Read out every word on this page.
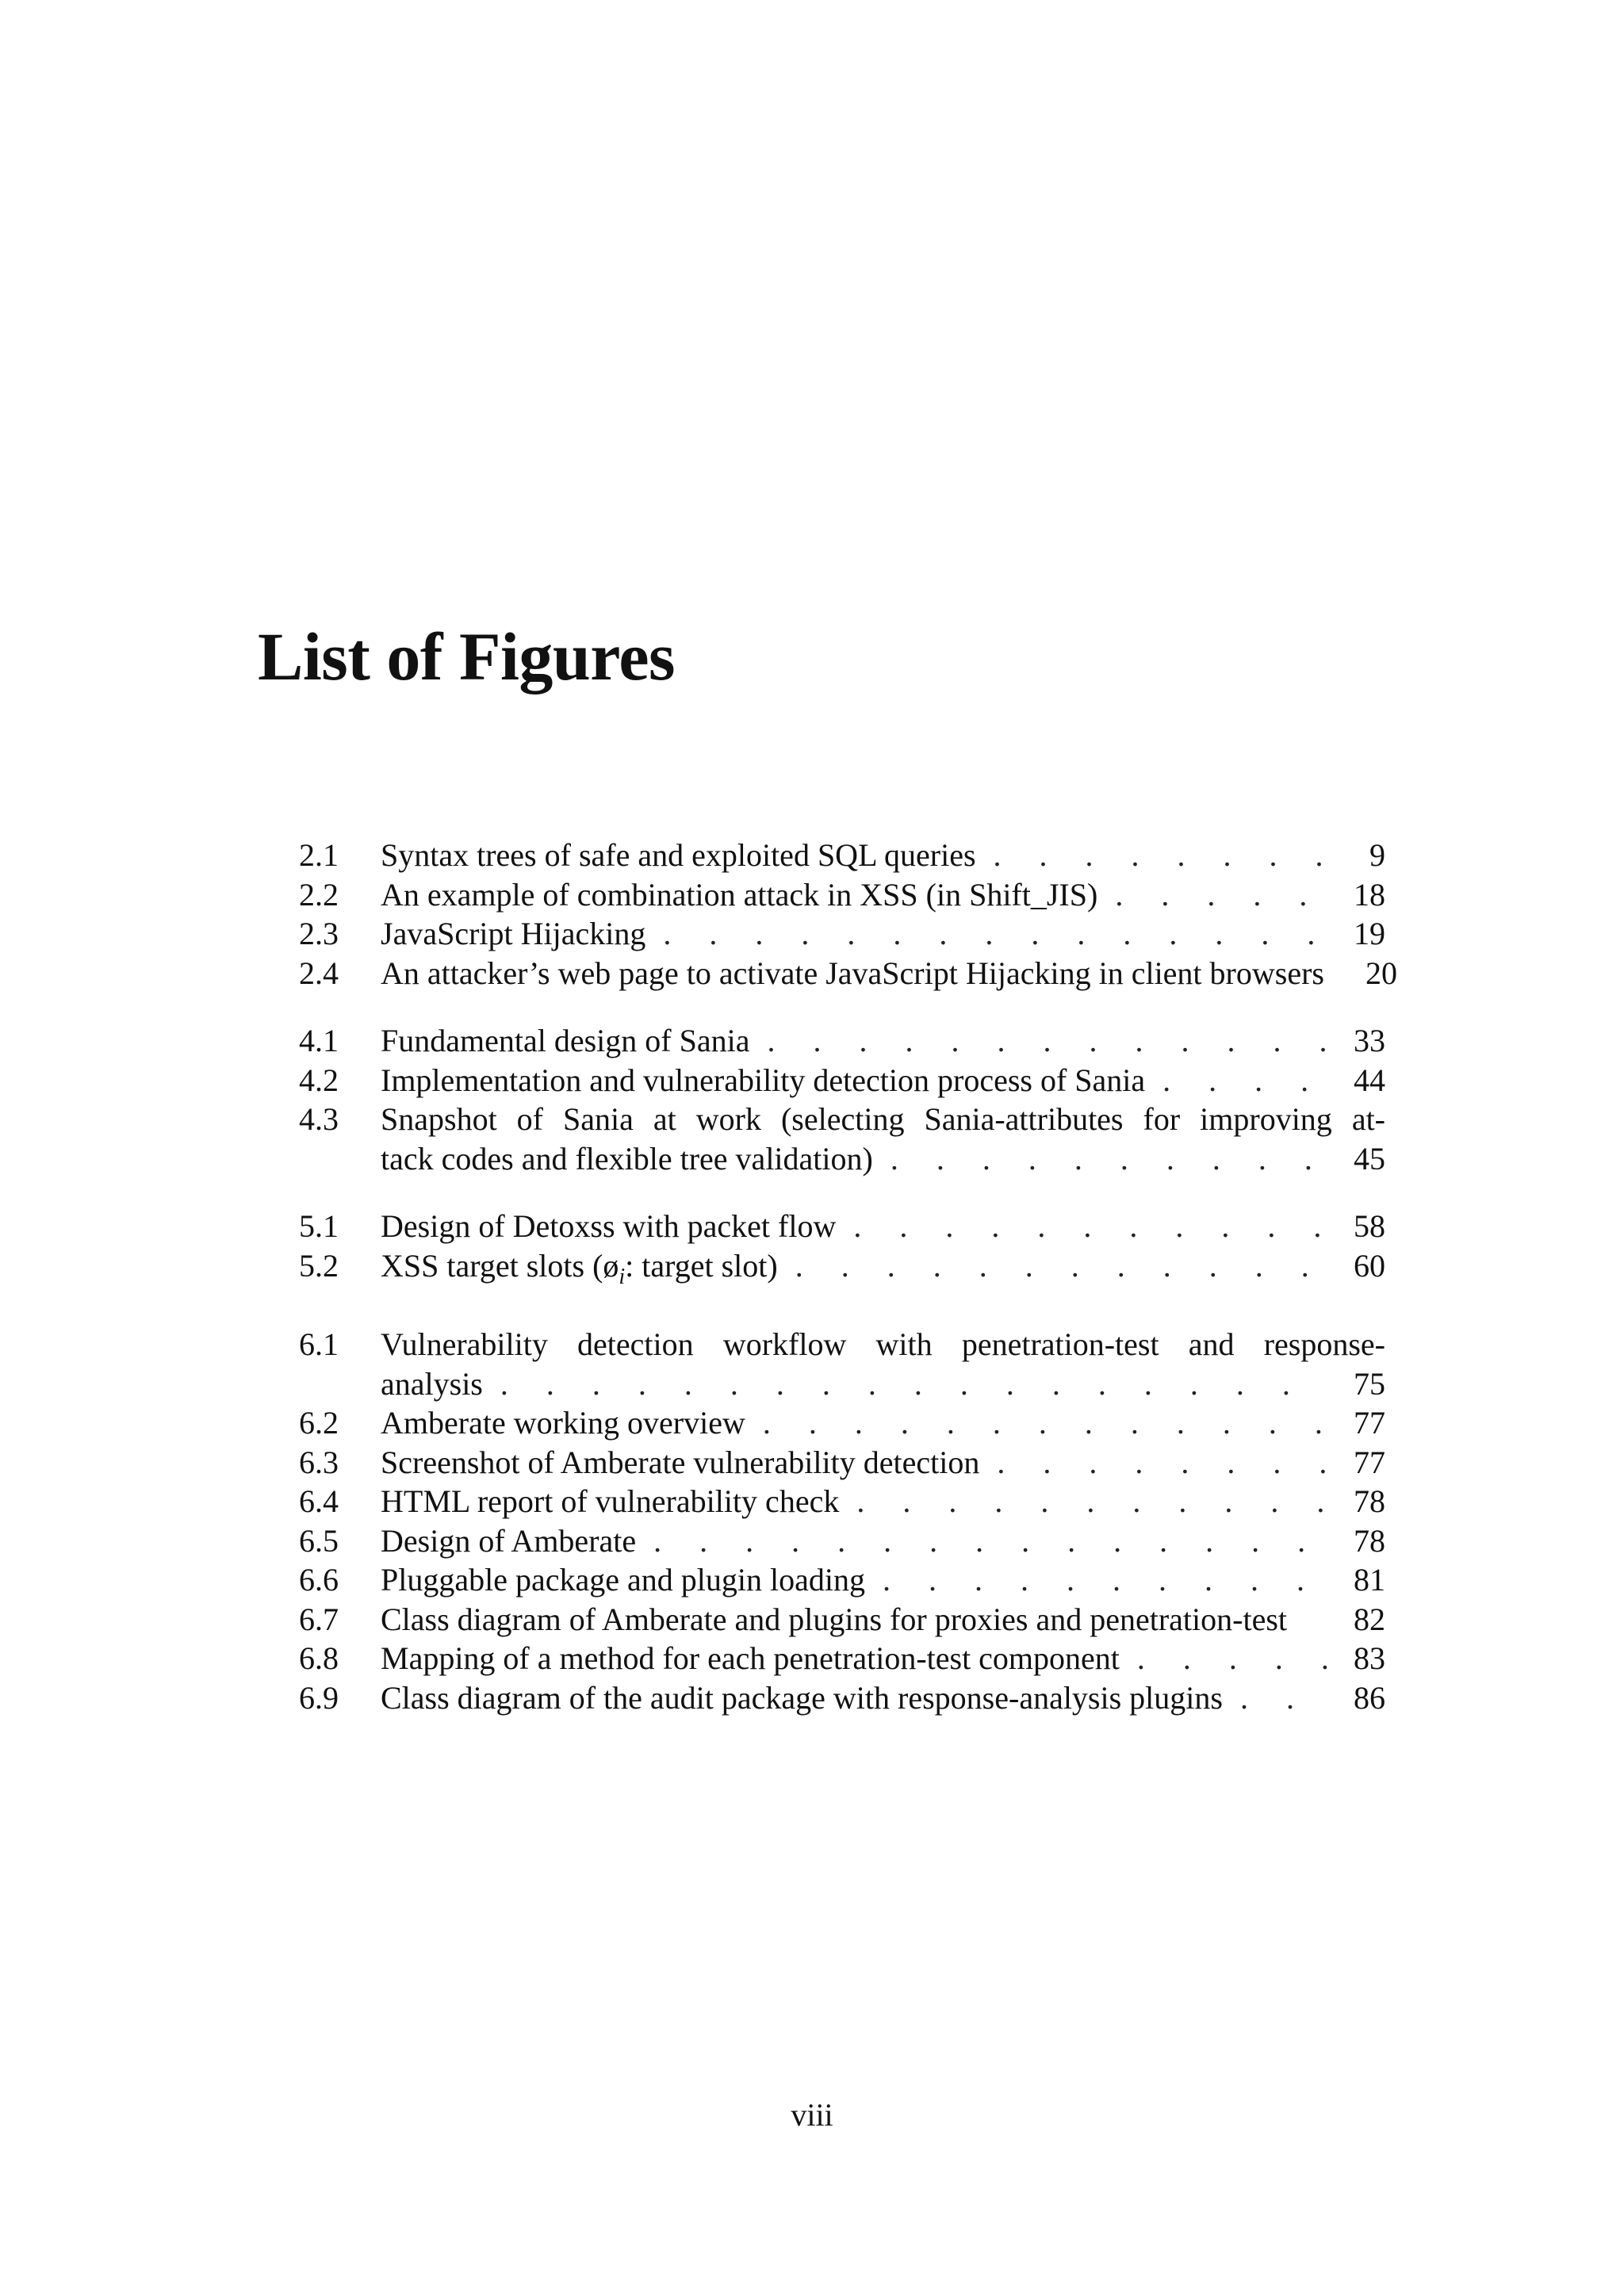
List of Figures
2.1	Syntax trees of safe and exploited SQL queries . . .	9
2.2	An example of combination attack in XSS (in Shift_JIS) . . .	18
2.3	JavaScript Hijacking . . .	19
2.4	An attacker’s web page to activate JavaScript Hijacking in client browsers	20
4.1	Fundamental design of Sania . . .	33
4.2	Implementation and vulnerability detection process of Sania . . .	44
4.3	Snapshot of Sania at work (selecting Sania-attributes for improving at-
tack codes and flexible tree validation) . . .	45
5.1	Design of Detoxss with packet flow . . .	58
5.2	XSS target slots ($ø_i$: target slot) . . .	60
6.1	Vulnerability detection workflow with penetration-test and response-
analysis . . .	75
6.2	Amberate working overview . . .	77
6.3	Screenshot of Amberate vulnerability detection . . .	77
6.4	HTML report of vulnerability check . . .	78
6.5	Design of Amberate . . .	78
6.6	Pluggable package and plugin loading . . .	81
6.7	Class diagram of Amberate and plugins for proxies and penetration-test	82
6.8	Mapping of a method for each penetration-test component . . .	83
6.9	Class diagram of the audit package with response-analysis plugins . . .	86
viii
